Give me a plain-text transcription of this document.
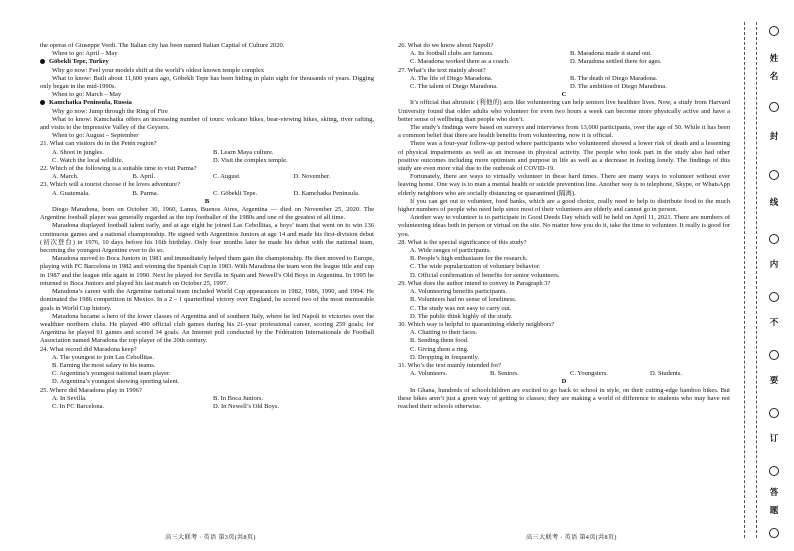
the operas of Giuseppe Verdi. The Italian city has been named Italian Capital of Culture 2020.

When to go: April – May

Göbekli Tepe, Turkey

Why go now: Feel your models shift at the world’s oldest known temple complex

What to know: Built about 11,600 years ago, Göbekli Tepe has been hiding in plain sight for thousands of years. Digging only began in the mid-1990s.

When to go: March – May

Kamchatka Peninsula, Russia

Why go now: Jump through the Ring of Fire

What to know: Kamchatka offers an increasing number of tours: volcano hikes, bear-viewing hikes, skiing, river rafting, and visits to the impressive Valley of the Geysers.

When to go: August – September

21. What can visitors do in the Petén region?

A. Shoot in jungles.	B. Learn Maya culture.
C. Watch the local wildlife.	D. Visit the complex temple.

22. Which of the following is a suitable time to visit Parma?

A. March.	B. April.	C. August.	D. November.

23. Which will a tourist choose if he loves adventure?

A. Guatemala.	B. Parma.	C. Göbekli Tepe.	D. Kamchatka Peninsula.

B

Diego Maradona, born on October 30, 1960, Lanus, Buenos Aires, Argentina — died on November 25, 2020. The Argentine football player was generally regarded as the top footballer of the 1980s and one of the greatest of all time.

Maradona displayed football talent early, and at age eight he joined Las Cebollitas, a boys’ team that went on to win 136 continuous games and a national championship. He signed with Argentinos Juniors at age 14 and made his first-division debut (初次登台) in 1976, 10 days before his 16th birthday. Only four months later he made his debut with the national team, becoming the youngest Argentine ever to do so.

Maradona moved to Boca Juniors in 1981 and immediately helped them gain the championship. He then moved to Europe, playing with FC Barcelona in 1982 and winning the Spanish Cup in 1983. With Maradona the team won the league title and cup in 1987 and the league title again in 1990. Next he played for Sevilla in Spain and Newell’s Old Boys in Argentina. In 1995 he returned to Boca Juniors and played his last match on October 25, 1997.

Maradona’s career with the Argentine national team included World Cup appearances in 1982, 1986, 1990, and 1994. He dominated the 1986 competition in Mexico. In a 2 – 1 quarterfinal victory over England, he scored two of the most memorable goals in World Cup history.

Maradona became a hero of the lower classes of Argentina and of southern Italy, where he led Napoli to victories over the wealthier northern clubs. He played 490 official club games during his 21-year professional career, scoring 259 goals; for Argentina he played 91 games and scored 34 goals. An Internet poll conducted by the Fédération Internationale de Football Association named Maradona the top player of the 20th century.

24. What record did Maradona keep?

A. The youngest to join Las Cebollitas.

B. Earning the most salary in his teams.

C. Argentina’s youngest national team player.

D. Argentina’s youngest showing sporting talent.

25. Where did Maradona play in 1996?

A. In Sevilla.	B. In Boca Juniors.
C. In FC Barcelona.	D. In Newell’s Old Boys.
高三大联考 · 英语 第3页(共8页)

26. What do we know about Napoli?

A. Its football clubs are famous.	B. Maradona made it stand out.
C. Maradona worked there as a coach.	D. Maradona settled there for ages.

27. What’s the text mainly about?

A. The life of Diego Maradona.	B. The death of Diego Maradona.
C. The talent of Diego Maradona.	D. The ambition of Diego Maradona.

C

It’s official that altruistic (利他的) acts like volunteering can help seniors live healthier lives. Now, a study from Harvard University found that older adults who volunteer for even two hours a week can become more physically active and have a better sense of wellbeing than people who don’t.

The study’s findings were based on surveys and interviews from 13,000 participants, over the age of 50. While it has been a common belief that there are health benefits from volunteering, now it is official.

There was a four-year follow-up period where participants who volunteered showed a lower risk of death and a lessening of physical impairments as well as an increase in physical activity. The people who took part in the study also had other positive outcomes including more optimism and purpose in life as well as a decrease in feeling lonely. The findings of this study are even more vital due to the outbreak of COVID-19.

Fortunately, there are ways to virtually volunteer in these hard times. There are many ways to volunteer without ever leaving home. One way is to man a mental health or suicide prevention line. Another way is to telephone, Skype, or WhatsApp elderly neighbors who are socially distancing or quarantined (隔离).

If you can get out to volunteer, food banks, which are a good choice, really need to help to distribute food to the much higher numbers of people who need help since most of their volunteers are elderly and cannot go in person.

Another way to volunteer is to participate in Good Deeds Day which will be held on April 11, 2021. There are numbers of volunteering ideas both in person or virtual on the site. No matter how you do it, take the time to volunteer. It really is good for you.

28. What is the special significance of this study?

A. Wide ranges of participants.

B. People’s high enthusiasm for the research.

C. The wide popularization of voluntary behavior.

D. Official confirmation of benefits for senior volunteers.

29. What does the author intend to convey in Paragraph 3?

A. Volunteering benefits participants.

B. Volunteers had no sense of loneliness.

C. The study was not easy to carry out.

D. The public think highly of the study.

30. Which way is helpful to quarantining elderly neighbors?

A. Chatting to their faces.

B. Sending them food.

C. Giving them a ring.

D. Dropping in frequently.

31. Who’s the text mainly intended for?

A. Volunteers.	B. Seniors.	C. Youngsters.	D. Students.

D

In Ghana, hundreds of schoolchildren are excited to go back to school in style, on their cutting-edge bamboo bikes. But these bikes aren’t just a green way of getting to classes; they are making a world of difference to students who may have not reached their schools otherwise.

高三大联考 · 英语 第4页(共8页)
姓
名
封
线
内
不
要
订
答
题
